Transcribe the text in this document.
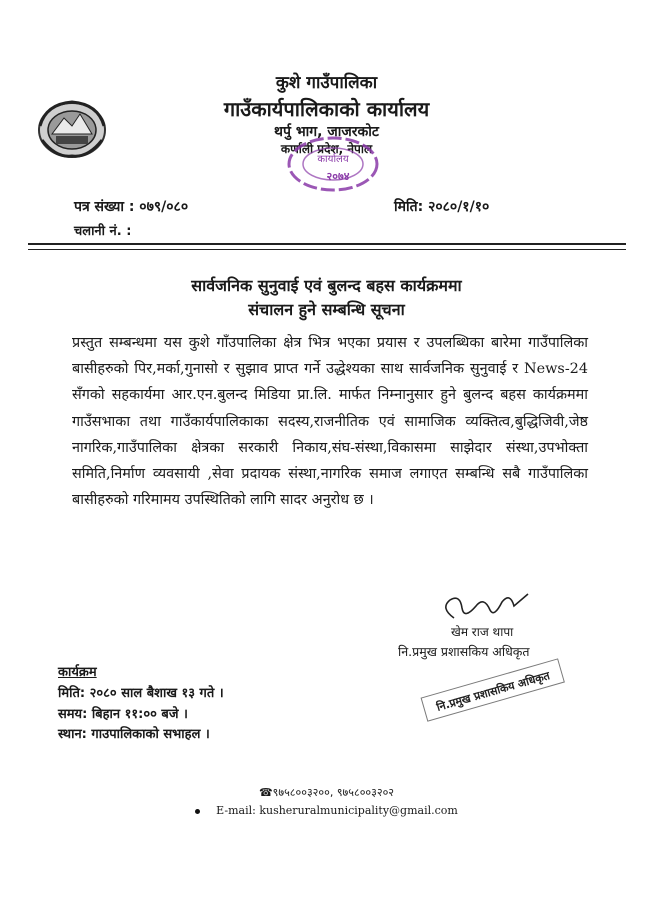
कुशे गाउँपालिका
गाउँकार्यपालिकाको कार्यालय
थर्पु भाग, जाजरकोट
कर्णाली प्रदेश, नेपाल
कार्यालय
२०७४
पत्र संख्या : ०७९/०८०	मिति: २०८०/१/१०
चलानी नं. :
सार्वजनिक सुनुवाई एवं बुलन्द बहस कार्यक्रममा
संचालन हुने सम्बन्धि सूचना
प्रस्तुत सम्बन्धमा यस कुशे गाँउपालिका क्षेत्र भित्र भएका प्रयास र उपलब्धिका बारेमा गाउँपालिका बासीहरुको पिर,मर्का,गुनासो र सुझाव प्राप्त गर्ने उद्धेश्यका साथ सार्वजनिक सुनुवाई र News-24 सँगको सहकार्यमा आर.एन.बुलन्द मिडिया प्रा.लि. मार्फत निम्नानुसार हुने बुलन्द बहस कार्यक्रममा गाउँसभाका तथा गाउँकार्यपालिकाका सदस्य,राजनीतिक एवं सामाजिक व्यक्तित्व,बुद्धिजिवी,जेष्ठ नागरिक,गाउँपालिका क्षेत्रका सरकारी निकाय,संघ-संस्था,विकासमा साझेदार संस्था,उपभोक्ता समिति,निर्माण व्यवसायी ,सेवा प्रदायक संस्था,नागरिक समाज लगाएत सम्बन्धि सबै गाउँपालिका बासीहरुको गरिमामय उपस्थितिको लागि सादर अनुरोध छ ।
खेम राज थापा
नि.प्रमुख प्रशासकिय अधिकृत
नि.प्रमुख प्रशासकिय अधिकृत
कार्यक्रम
मिति: २०८० साल बैशाख १३ गते ।
समय: बिहान ११:०० बजे ।
स्थान: गाउपालिकाको सभाहल ।
☎९७५८००३२००, ९७५८००३२०२
E-mail: kusheruralmunicipality@gmail.com
